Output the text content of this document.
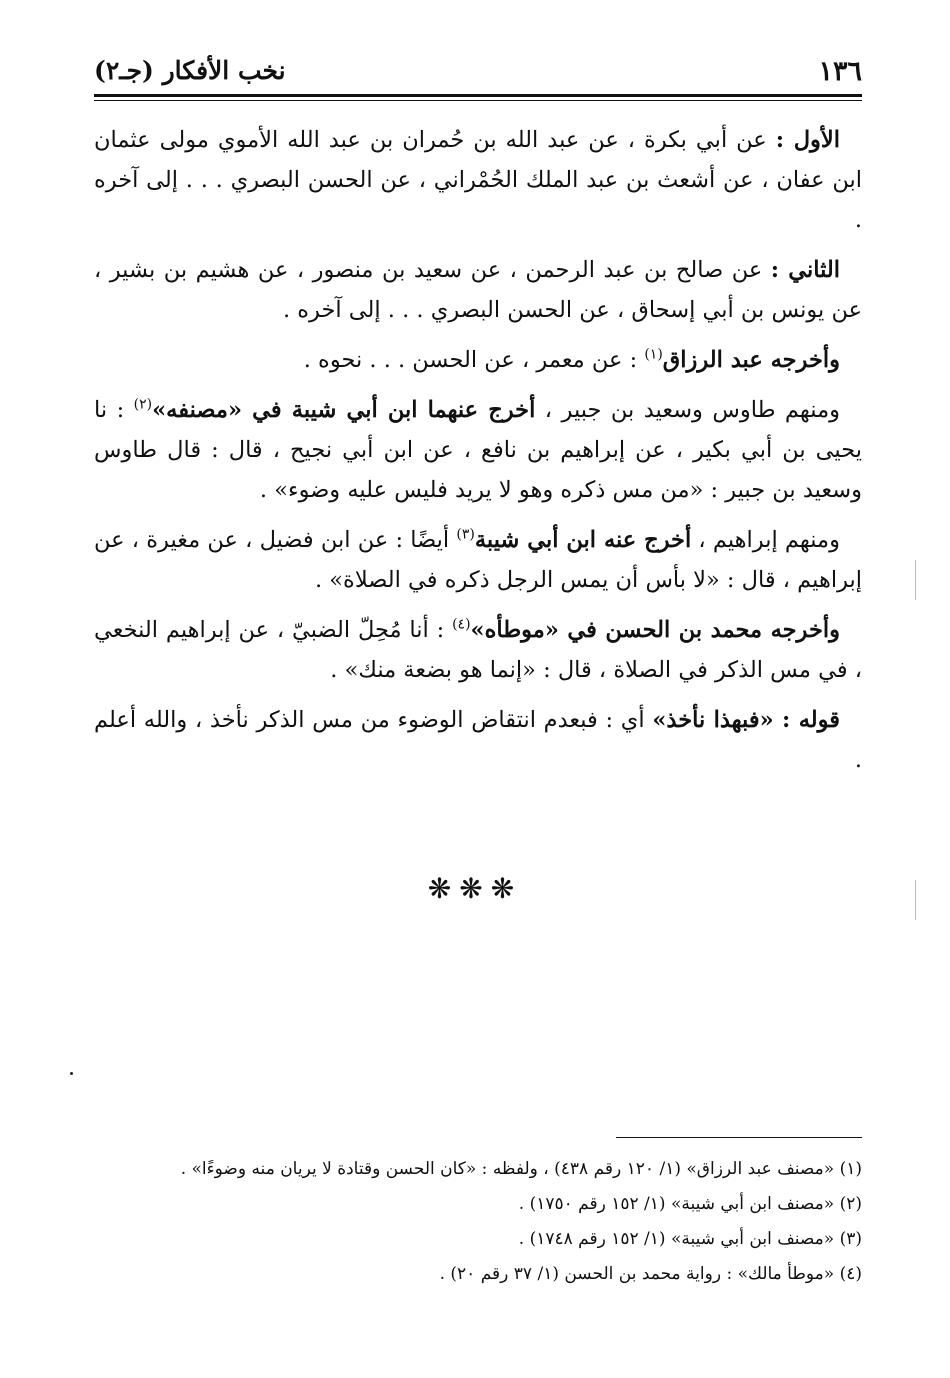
١٣٦
نخب الأفكار (جـ٢)

الأول : عن أبي بكرة ، عن عبد الله بن حُمران بن عبد الله الأموي مولى عثمان ابن عفان ، عن أشعث بن عبد الملك الحُمْراني ، عن الحسن البصري . . . إلى آخره .

الثاني : عن صالح بن عبد الرحمن ، عن سعيد بن منصور ، عن هشيم بن بشير ، عن يونس بن أبي إسحاق ، عن الحسن البصري . . . إلى آخره .

وأخرجه عبد الرزاق$^{(١)}$ : عن معمر ، عن الحسن . . . نحوه .

ومنهم طاوس وسعيد بن جبير ، أخرج عنهما ابن أبي شيبة في «مصنفه»$^{(٢)}$ : نا يحيى بن أبي بكير ، عن إبراهيم بن نافع ، عن ابن أبي نجيح ، قال : قال طاوس وسعيد بن جبير : «من مس ذكره وهو لا يريد فليس عليه وضوء» .

ومنهم إبراهيم ، أخرج عنه ابن أبي شيبة$^{(٣)}$ أيضًا : عن ابن فضيل ، عن مغيرة ، عن إبراهيم ، قال : «لا بأس أن يمس الرجل ذكره في الصلاة» .

وأخرجه محمد بن الحسن في «موطأه»$^{(٤)}$ : أنا مُحِلّ الضبيّ ، عن إبراهيم النخعي ، في مس الذكر في الصلاة ، قال : «إنما هو بضعة منك» .

قوله : «فبهذا نأخذ» أي : فبعدم انتقاض الوضوء من مس الذكر نأخذ ، والله أعلم .

❋❋❋

(١) «مصنف عبد الرزاق» (١/ ١٢٠ رقم ٤٣٨) ، ولفظه : «كان الحسن وقتادة لا يريان منه وضوءًا» .

(٢) «مصنف ابن أبي شيبة» (١/ ١٥٢ رقم ١٧٥٠) .

(٣) «مصنف ابن أبي شيبة» (١/ ١٥٢ رقم ١٧٤٨) .

(٤) «موطأ مالك» : رواية محمد بن الحسن (١/ ٣٧ رقم ٢٠) .
